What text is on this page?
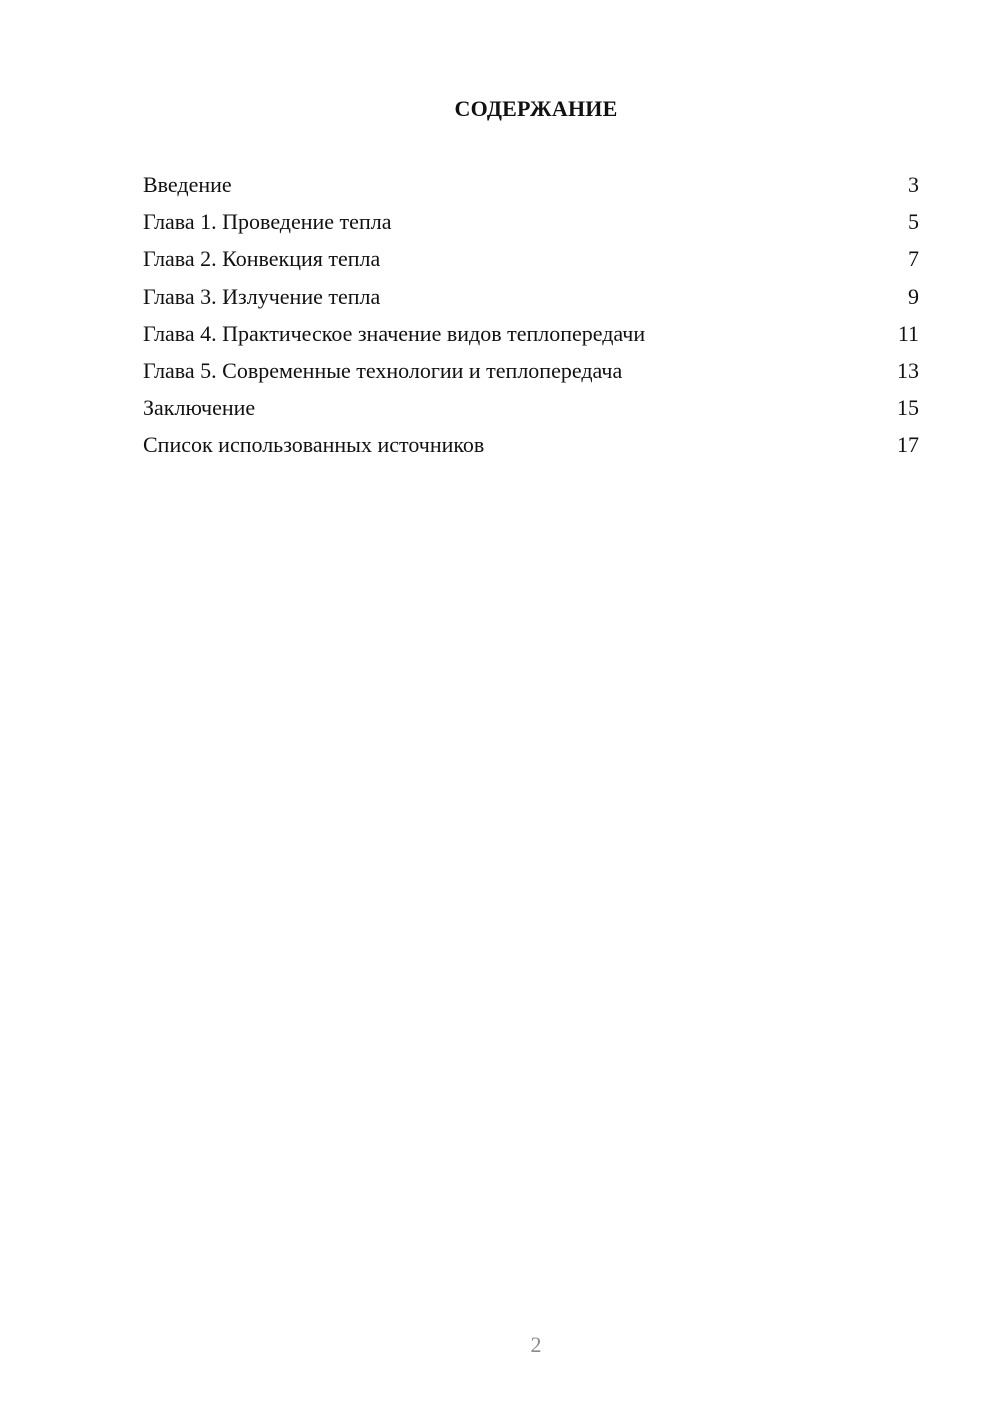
СОДЕРЖАНИЕ
Введение	3
Глава 1. Проведение тепла	5
Глава 2. Конвекция тепла	7
Глава 3. Излучение тепла	9
Глава 4. Практическое значение видов теплопередачи	11
Глава 5. Современные технологии и теплопередача	13
Заключение	15
Список использованных источников	17
2
